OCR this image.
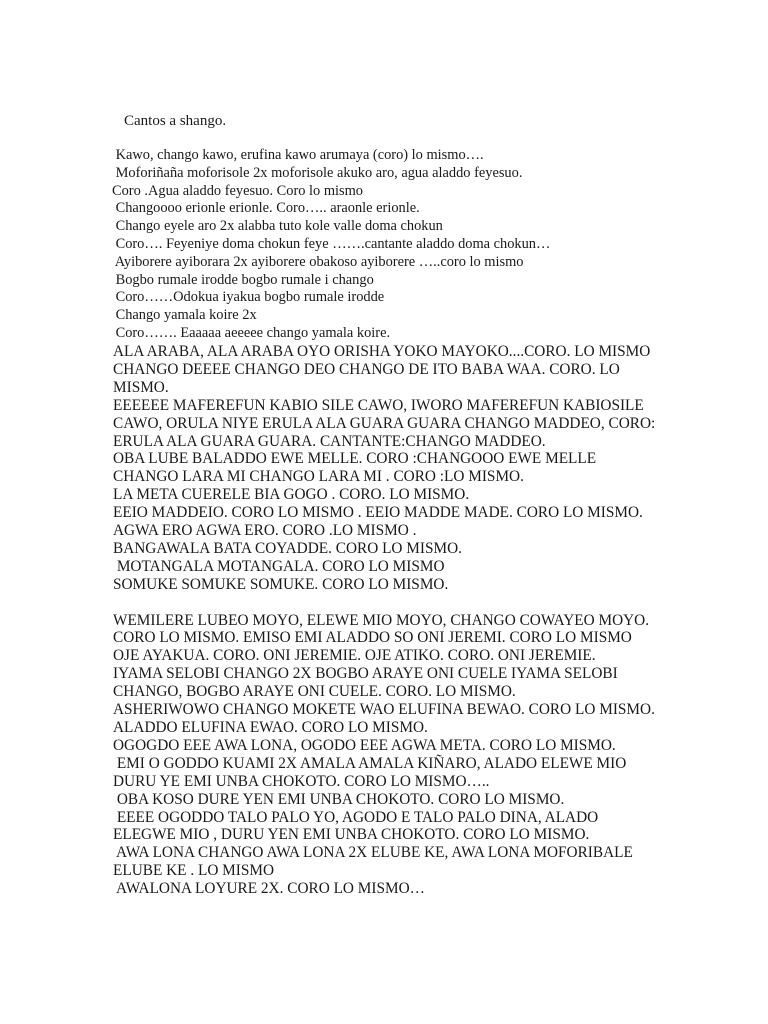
Cantos a shango.
Kawo, chango kawo, erufina kawo arumaya (coro) lo mismo….
Moforiñaña moforisole 2x moforisole akuko aro, agua aladdo feyesuo.
Coro .Agua aladdo feyesuo. Coro lo mismo
Changoooo erionle erionle. Coro….. araonle erionle.
Chango eyele aro 2x alabba tuto kole valle doma chokun
Coro…. Feyeniye doma chokun feye …….cantante aladdo doma chokun…
Ayiborere ayiborara 2x ayiborere obakoso ayiborere …..coro lo mismo
Bogbo rumale irodde bogbo rumale i chango
Coro……Odokua iyakua bogbo rumale irodde
Chango yamala koire 2x
Coro……. Eaaaaa aeeeee chango yamala koire.
ALA ARABA, ALA ARABA OYO ORISHA YOKO MAYOKO....CORO. LO MISMO
CHANGO DEEEE CHANGO DEO CHANGO DE ITO BABA WAA. CORO. LO
MISMO.
EEEEEE MAFEREFUN KABIO SILE CAWO, IWORO MAFEREFUN KABIOSILE
CAWO, ORULA NIYE ERULA ALA GUARA GUARA CHANGO MADDEO, CORO:
ERULA ALA GUARA GUARA. CANTANTE:CHANGO MADDEO.
OBA LUBE BALADDO EWE MELLE. CORO :CHANGOOO EWE MELLE
CHANGO LARA MI CHANGO LARA MI . CORO :LO MISMO.
LA META CUERELE BIA GOGO . CORO. LO MISMO.
EEIO MADDEIO. CORO LO MISMO . EEIO MADDE MADE. CORO LO MISMO.
AGWA ERO AGWA ERO. CORO .LO MISMO .
BANGAWALA BATA COYADDE. CORO LO MISMO.
MOTANGALA MOTANGALA. CORO LO MISMO
SOMUKE SOMUKE SOMUKE. CORO LO MISMO.
WEMILERE LUBEO MOYO, ELEWE MIO MOYO, CHANGO COWAYEO MOYO.
CORO LO MISMO. EMISO EMI ALADDO SO ONI JEREMI. CORO LO MISMO
OJE AYAKUA. CORO. ONI JEREMIE. OJE ATIKO. CORO. ONI JEREMIE.
IYAMA SELOBI CHANGO 2X BOGBO ARAYE ONI CUELE IYAMA SELOBI
CHANGO, BOGBO ARAYE ONI CUELE. CORO. LO MISMO.
ASHERIWOWO CHANGO MOKETE WAO ELUFINA BEWAO. CORO LO MISMO.
ALADDO ELUFINA EWAO. CORO LO MISMO.
OGOGDO EEE AWA LONA, OGODO EEE AGWA META. CORO LO MISMO.
EMI O GODDO KUAMI 2X AMALA AMALA KIÑARO, ALADO ELEWE MIO
DURU YE EMI UNBA CHOKOTO. CORO LO MISMO…..
OBA KOSO DURE YEN EMI UNBA CHOKOTO. CORO LO MISMO.
EEEE OGODDO TALO PALO YO, AGODO E TALO PALO DINA, ALADO
ELEGWE MIO , DURU YEN EMI UNBA CHOKOTO. CORO LO MISMO.
AWA LONA CHANGO AWA LONA 2X ELUBE KE, AWA LONA MOFORIBALE
ELUBE KE . LO MISMO
AWALONA LOYURE 2X. CORO LO MISMO…
